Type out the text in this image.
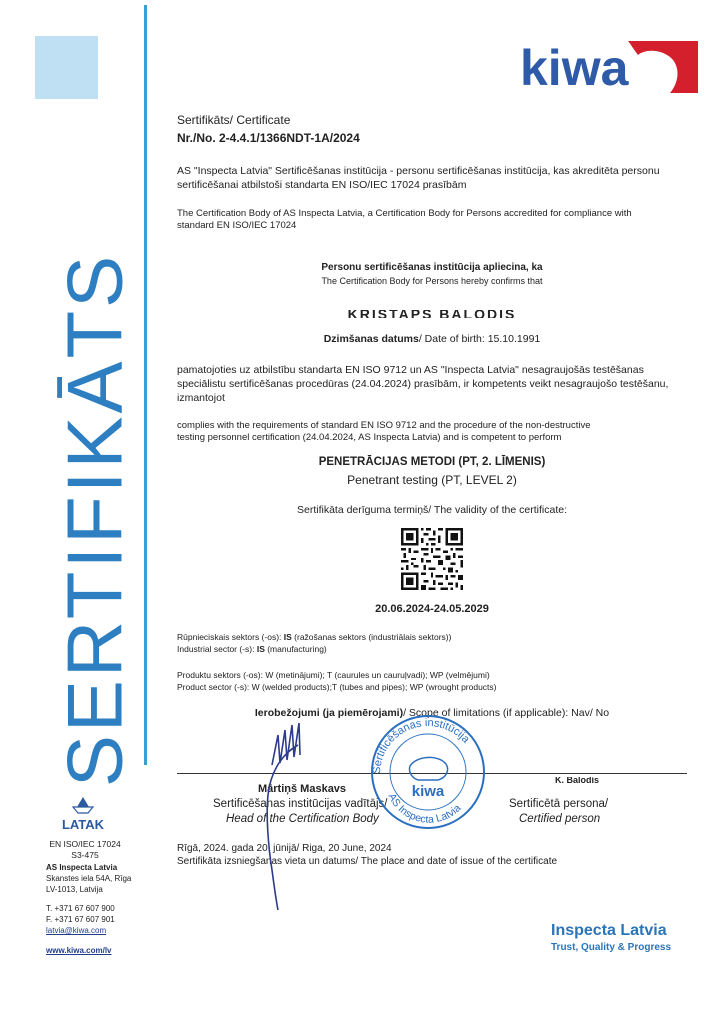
SERTIFIKĀTS
kiwa
Sertifikāts/ Certificate
Nr./No. 2-4.4.1/1366NDT-1A/2024
AS "Inspecta Latvia" Sertificēšanas institūcija - personu sertificēšanas institūcija, kas akreditēta personu
sertificēšanai atbilstoši standarta EN ISO/IEC 17024 prasībām
The Certification Body of AS Inspecta Latvia, a Certification Body for Persons accredited for compliance with
standard EN ISO/IEC 17024
Personu sertificēšanas institūcija apliecina, ka
The Certification Body for Persons hereby confirms that
KRISTAPS BALODIS
Dzimšanas datums/ Date of birth: 15.10.1991
pamatojoties uz atbilstību standarta EN ISO 9712 un AS "Inspecta Latvia" nesagraujošās testēšanas
speciālistu sertificēšanas procedūras (24.04.2024) prasībām, ir kompetents veikt nesagraujošo testēšanu,
izmantojot
complies with the requirements of standard EN ISO 9712 and the procedure of the non-destructive
testing personnel certification (24.04.2024, AS Inspecta Latvia) and is competent to perform
PENETRĀCIJAS METODI (PT, 2. LĪMENIS)
Penetrant testing (PT, LEVEL 2)
Sertifikāta derīguma termiņš/ The validity of the certificate:
20.06.2024-24.05.2029
Rūpnieciskais sektors (-os): IS (ražošanas sektors (industriālais sektors))
Industrial sector (-s): IS (manufacturing)
Produktu sektors (-os): W (metinājumi); T (caurules un cauruļvadi); WP (velmējumi)
Product sector (-s): W (welded products);T (tubes and pipes); WP (wrought products)
Ierobežojumi (ja piemērojami)/ Scope of limitations (if applicable): Nav/ No
Mārtiņš Maskavs
Sertificēšanas institūcijas vadītājs/
Head of the Certification Body
K. Balodis
Sertificētā persona/
Certified person
Rīgā, 2024. gada 20. jūnijā/ Riga, 20 June, 2024
Sertifikāta izsniegšanas vieta un datums/ The place and date of issue of the certificate
Sertificēšanas institūcija
kiwa
AS Inspecta Latvia
LATAK
EN ISO/IEC 17024
S3-475
AS Inspecta Latvia
Skanstes iela 54A, Rīga
LV-1013, Latvija
T. +371 67 607 900
F. +371 67 607 901
latvia@kiwa.com
www.kiwa.com/lv
Inspecta Latvia
Trust, Quality & Progress
